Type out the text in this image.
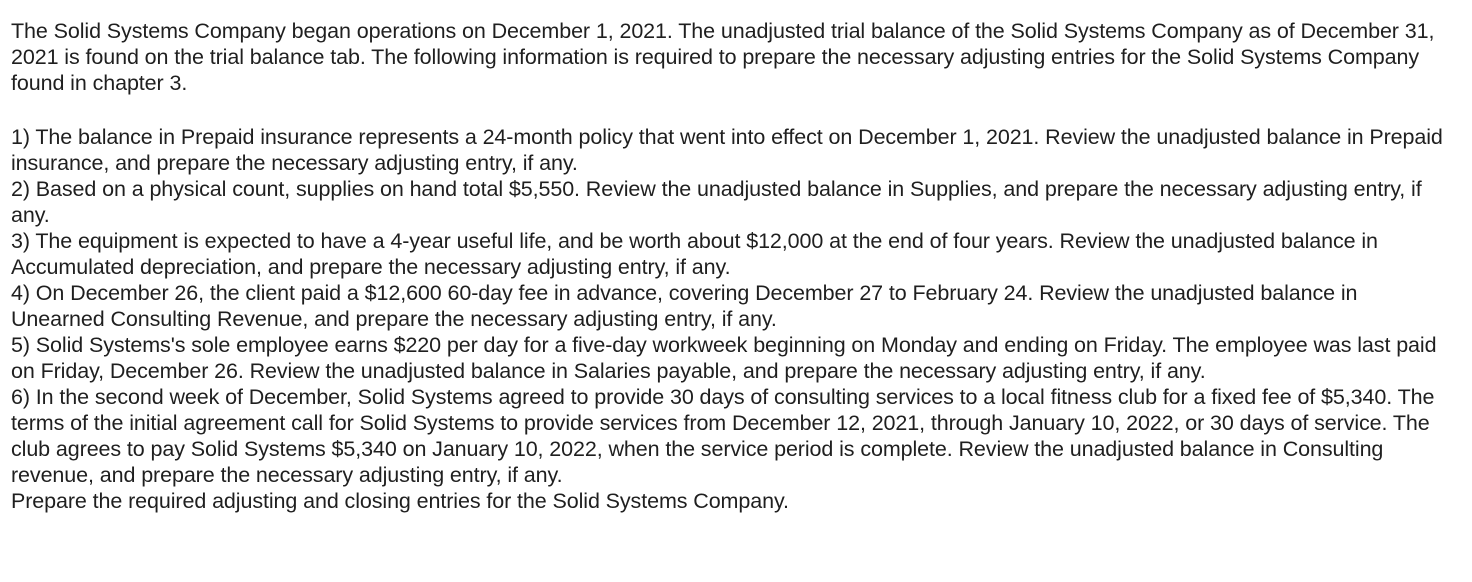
The Solid Systems Company began operations on December 1, 2021. The unadjusted trial balance of the Solid Systems Company as of December 31, 2021 is found on the trial balance tab. The following information is required to prepare the necessary adjusting entries for the Solid Systems Company found in chapter 3.

1) The balance in Prepaid insurance represents a 24-month policy that went into effect on December 1, 2021. Review the unadjusted balance in Prepaid insurance, and prepare the necessary adjusting entry, if any.

2) Based on a physical count, supplies on hand total $5,550. Review the unadjusted balance in Supplies, and prepare the necessary adjusting entry, if any.

3) The equipment is expected to have a 4-year useful life, and be worth about $12,000 at the end of four years. Review the unadjusted balance in Accumulated depreciation, and prepare the necessary adjusting entry, if any.

4) On December 26, the client paid a $12,600 60-day fee in advance, covering December 27 to February 24. Review the unadjusted balance in Unearned Consulting Revenue, and prepare the necessary adjusting entry, if any.

5) Solid Systems's sole employee earns $220 per day for a five-day workweek beginning on Monday and ending on Friday. The employee was last paid on Friday, December 26. Review the unadjusted balance in Salaries payable, and prepare the necessary adjusting entry, if any.

6) In the second week of December, Solid Systems agreed to provide 30 days of consulting services to a local fitness club for a fixed fee of $5,340. The terms of the initial agreement call for Solid Systems to provide services from December 12, 2021, through January 10, 2022, or 30 days of service. The club agrees to pay Solid Systems $5,340 on January 10, 2022, when the service period is complete. Review the unadjusted balance in Consulting revenue, and prepare the necessary adjusting entry, if any.

Prepare the required adjusting and closing entries for the Solid Systems Company.
